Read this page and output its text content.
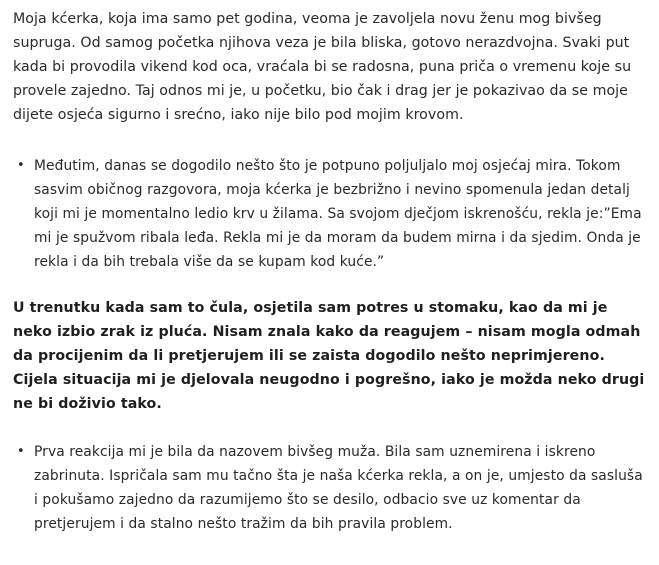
Moja kćerka, koja ima samo pet godina, veoma je zavoljela novu ženu mog bivšeg supruga. Od samog početka njihova veza je bila bliska, gotovo nerazdvojna. Svaki put kada bi provodila vikend kod oca, vraćala bi se radosna, puna priča o vremenu koje su provele zajedno. Taj odnos mi je, u početku, bio čak i drag jer je pokazivao da se moje dijete osjeća sigurno i srećno, iako nije bilo pod mojim krovom.

• Međutim, danas se dogodilo nešto što je potpuno poljuljalo moj osjećaj mira. Tokom sasvim običnog razgovora, moja kćerka je bezbrižno i nevino spomenula jedan detalj koji mi je momentalno ledio krv u žilama. Sa svojom dječjom iskrenošću, rekla je:”Ema mi je spužvom ribala leđa. Rekla mi je da moram da budem mirna i da sjedim. Onda je rekla i da bih trebala više da se kupam kod kuće.”

U trenutku kada sam to čula, osjetila sam potres u stomaku, kao da mi je neko izbio zrak iz pluća. Nisam znala kako da reagujem – nisam mogla odmah da procijenim da li pretjerujem ili se zaista dogodilo nešto neprimjereno. Cijela situacija mi je djelovala neugodno i pogrešno, iako je možda neko drugi ne bi doživio tako.

• Prva reakcija mi je bila da nazovem bivšeg muža. Bila sam uznemirena i iskreno zabrinuta. Ispričala sam mu tačno šta je naša kćerka rekla, a on je, umjesto da sasluša i pokušamo zajedno da razumijemo što se desilo, odbacio sve uz komentar da pretjerujem i da stalno nešto tražim da bih pravila problem.
